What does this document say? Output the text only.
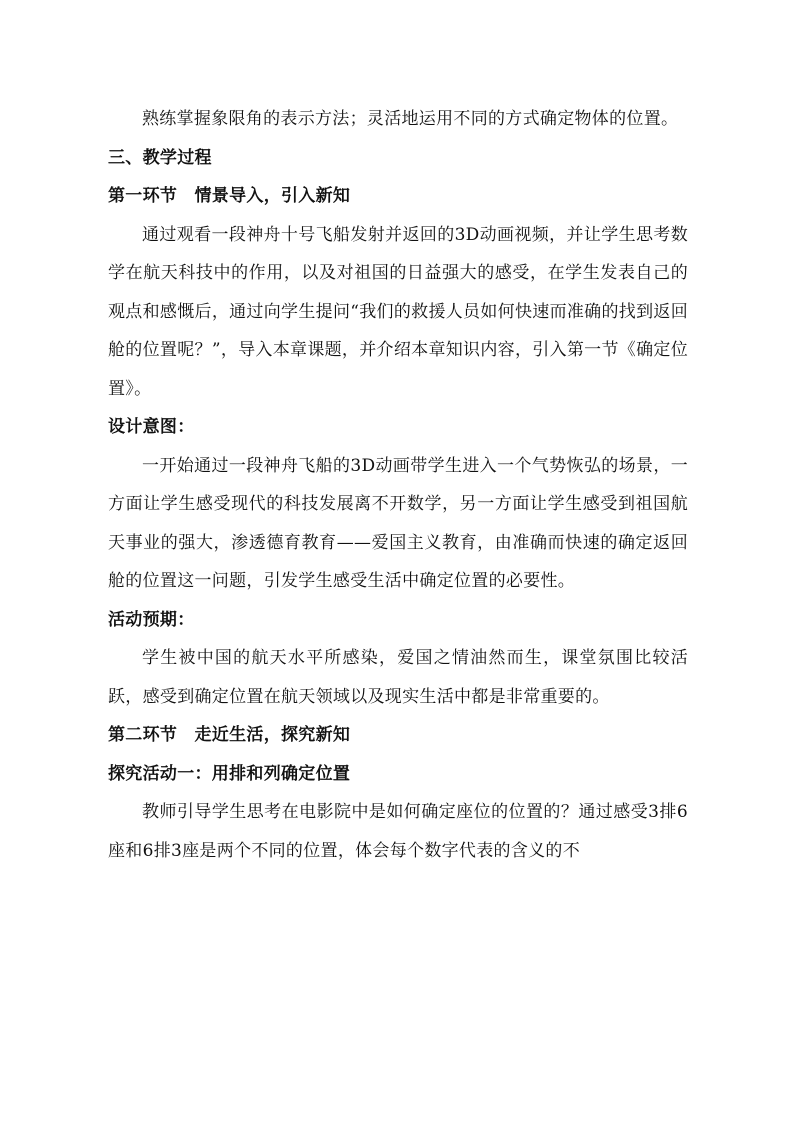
熟练掌握象限角的表示方法；灵活地运用不同的方式确定物体的位置。

三、教学过程

第一环节　情景导入，引入新知

通过观看一段神舟十号飞船发射并返回的3D动画视频，并让学生思考数学在航天科技中的作用，以及对祖国的日益强大的感受，在学生发表自己的观点和感慨后，通过向学生提问“我们的救援人员如何快速而准确的找到返回舱的位置呢？”，导入本章课题，并介绍本章知识内容，引入第一节《确定位置》。

设计意图：

一开始通过一段神舟飞船的3D动画带学生进入一个气势恢弘的场景，一方面让学生感受现代的科技发展离不开数学，另一方面让学生感受到祖国航天事业的强大，渗透德育教育——爱国主义教育，由准确而快速的确定返回舱的位置这一问题，引发学生感受生活中确定位置的必要性。

活动预期：

学生被中国的航天水平所感染，爱国之情油然而生，课堂氛围比较活跃，感受到确定位置在航天领域以及现实生活中都是非常重要的。

第二环节　走近生活，探究新知

探究活动一：用排和列确定位置

教师引导学生思考在电影院中是如何确定座位的位置的？通过感受3排6座和6排3座是两个不同的位置，体会每个数字代表的含义的不
